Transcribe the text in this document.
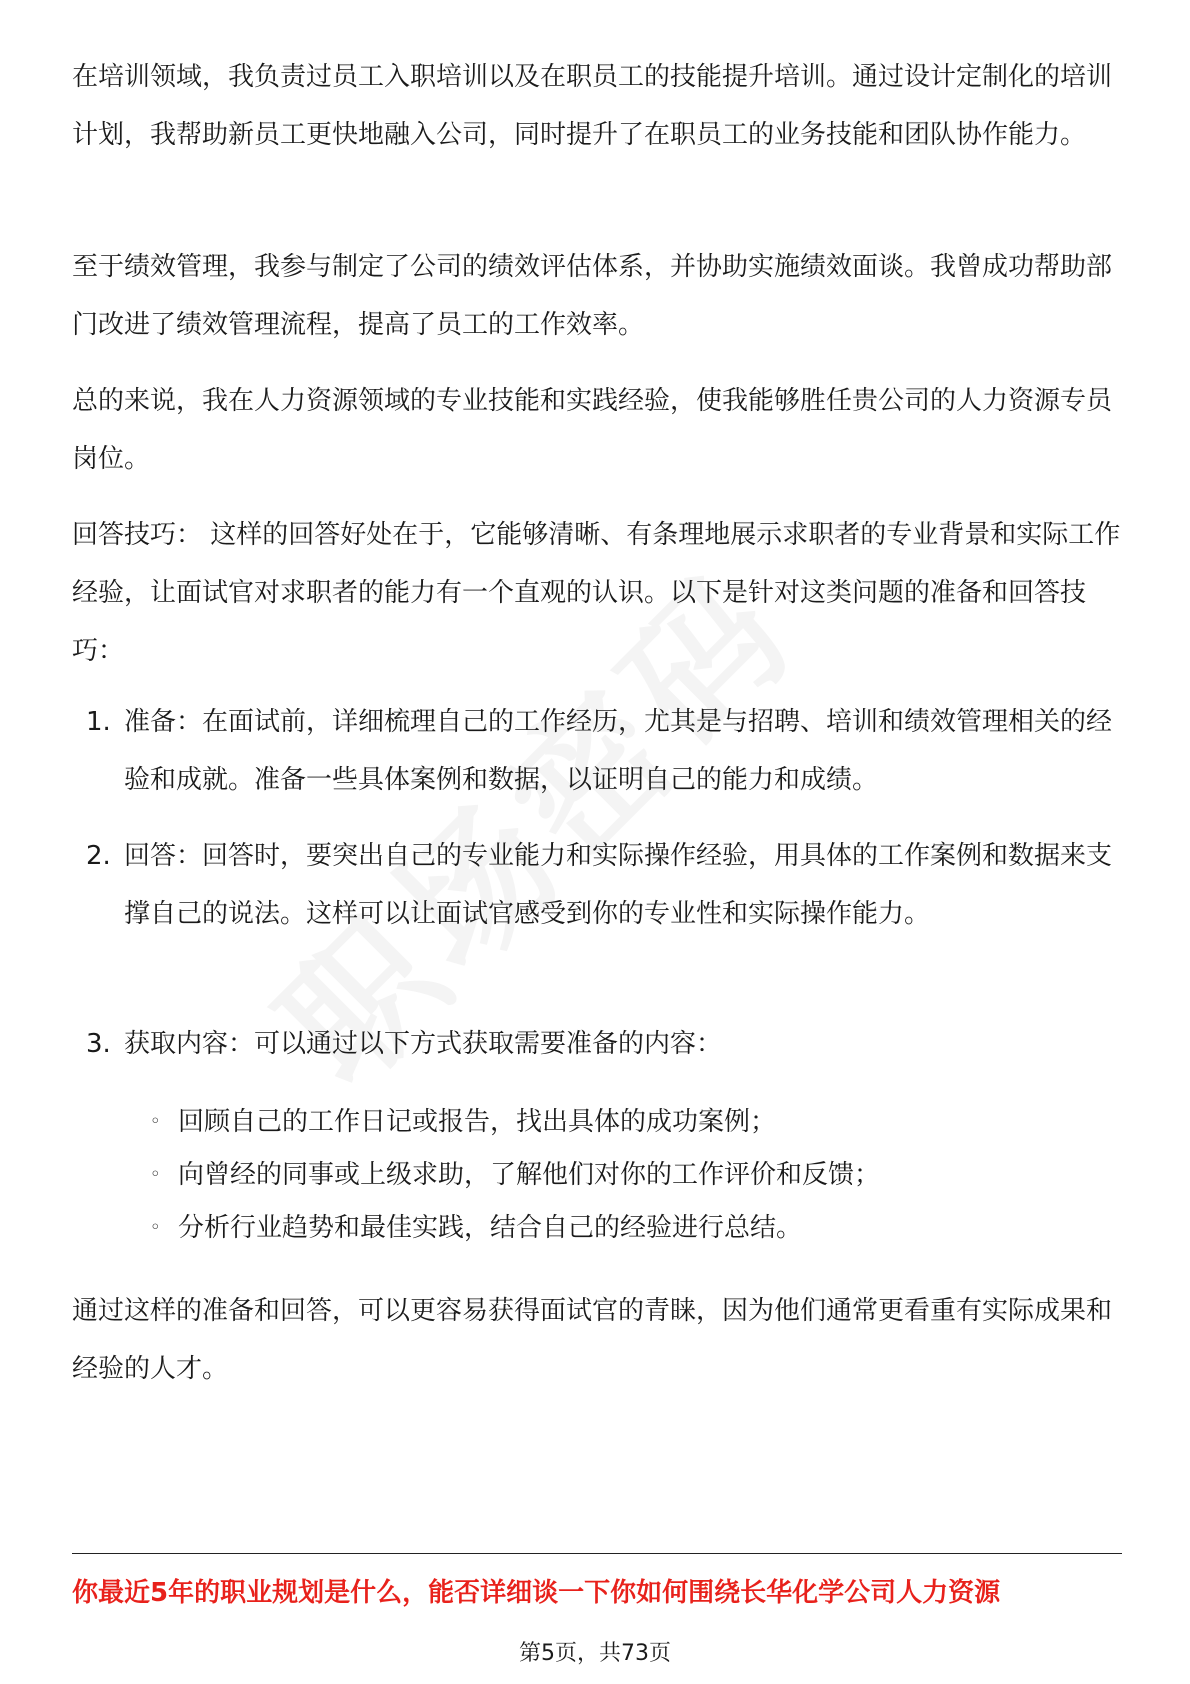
在培训领域，我负责过员工入职培训以及在职员工的技能提升培训。通过设计定制化的培训计划，我帮助新员工更快地融入公司，同时提升了在职员工的业务技能和团队协作能力。

至于绩效管理，我参与制定了公司的绩效评估体系，并协助实施绩效面谈。我曾成功帮助部门改进了绩效管理流程，提高了员工的工作效率。

总的来说，我在人力资源领域的专业技能和实践经验，使我能够胜任贵公司的人力资源专员岗位。

回答技巧： 这样的回答好处在于，它能够清晰、有条理地展示求职者的专业背景和实际工作经验，让面试官对求职者的能力有一个直观的认识。以下是针对这类问题的准备和回答技巧：

1. 准备：在面试前，详细梳理自己的工作经历，尤其是与招聘、培训和绩效管理相关的经验和成就。准备一些具体案例和数据，以证明自己的能力和成绩。
2. 回答：回答时，要突出自己的专业能力和实际操作经验，用具体的工作案例和数据来支撑自己的说法。这样可以让面试官感受到你的专业性和实际操作能力。
3. 获取内容：可以通过以下方式获取需要准备的内容：
◦ 回顾自己的工作日记或报告，找出具体的成功案例；
◦ 向曾经的同事或上级求助，了解他们对你的工作评价和反馈；
◦ 分析行业趋势和最佳实践，结合自己的经验进行总结。

通过这样的准备和回答，可以更容易获得面试官的青睐，因为他们通常更看重有实际成果和经验的人才。

你最近5年的职业规划是什么，能否详细谈一下你如何围绕长华化学公司人力资源
第5页，共73页
